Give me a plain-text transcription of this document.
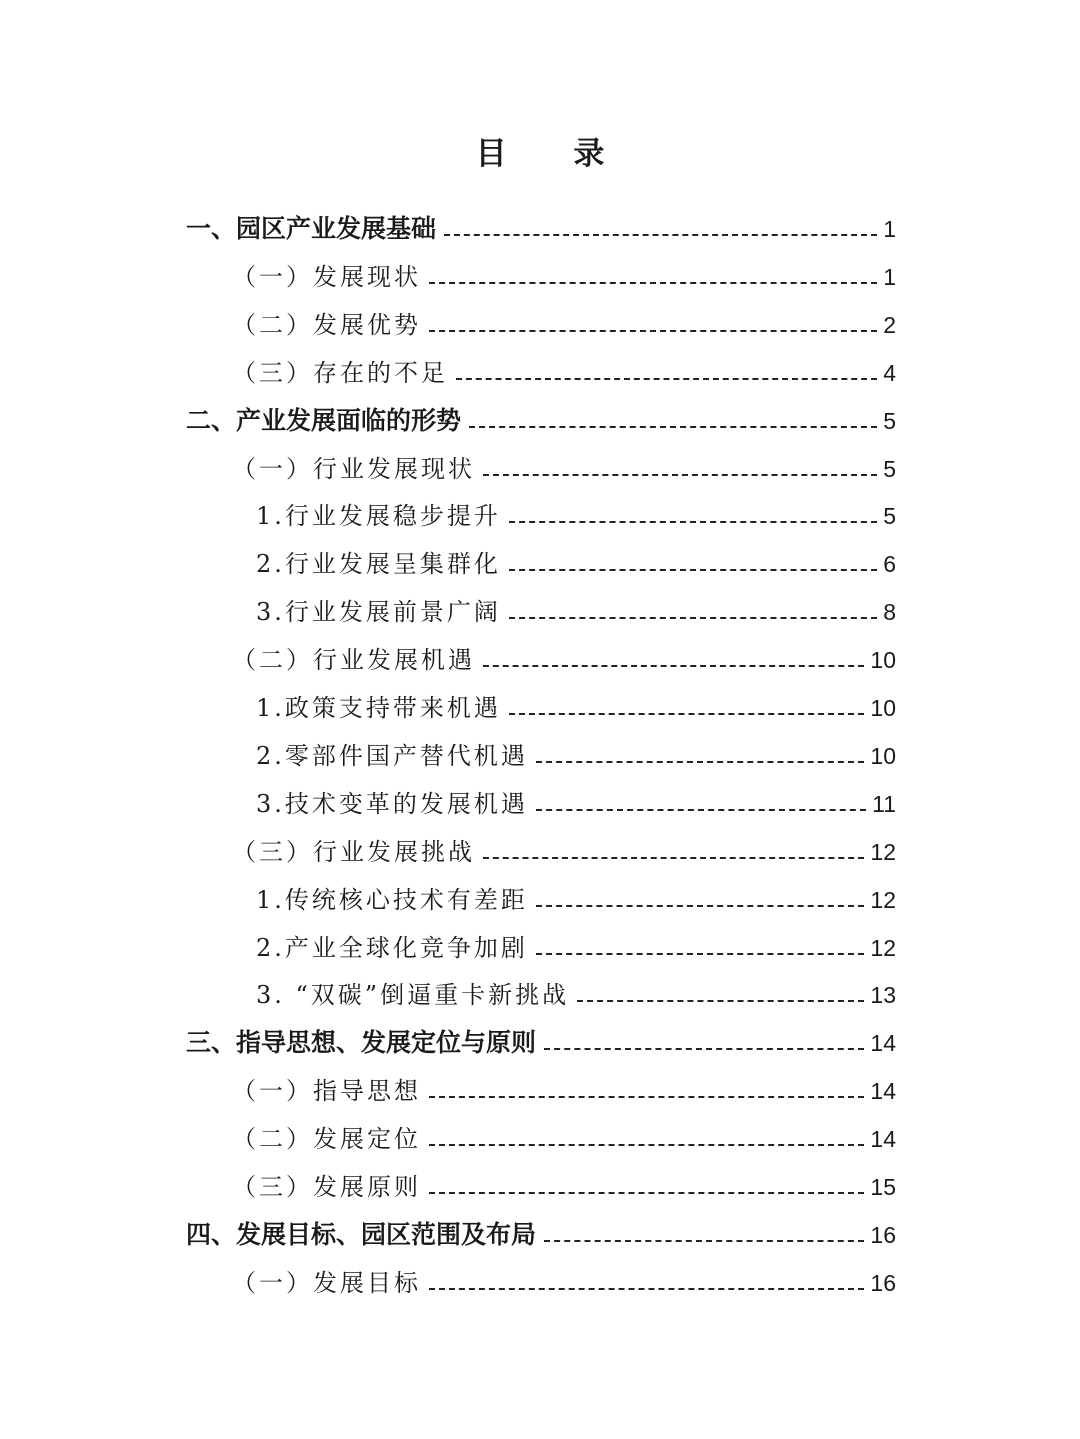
目 录
一、园区产业发展基础	1
（一）发展现状	1
（二）发展优势	2
（三）存在的不足	4
二、产业发展面临的形势	5
（一）行业发展现状	5
1.行业发展稳步提升	5
2.行业发展呈集群化	6
3.行业发展前景广阔	8
（二）行业发展机遇	10
1.政策支持带来机遇	10
2.零部件国产替代机遇	10
3.技术变革的发展机遇	11
（三）行业发展挑战	12
1.传统核心技术有差距	12
2.产业全球化竞争加剧	12
3. “双碳”倒逼重卡新挑战	13
三、指导思想、发展定位与原则	14
（一）指导思想	14
（二）发展定位	14
（三）发展原则	15
四、发展目标、园区范围及布局	16
（一）发展目标	16
